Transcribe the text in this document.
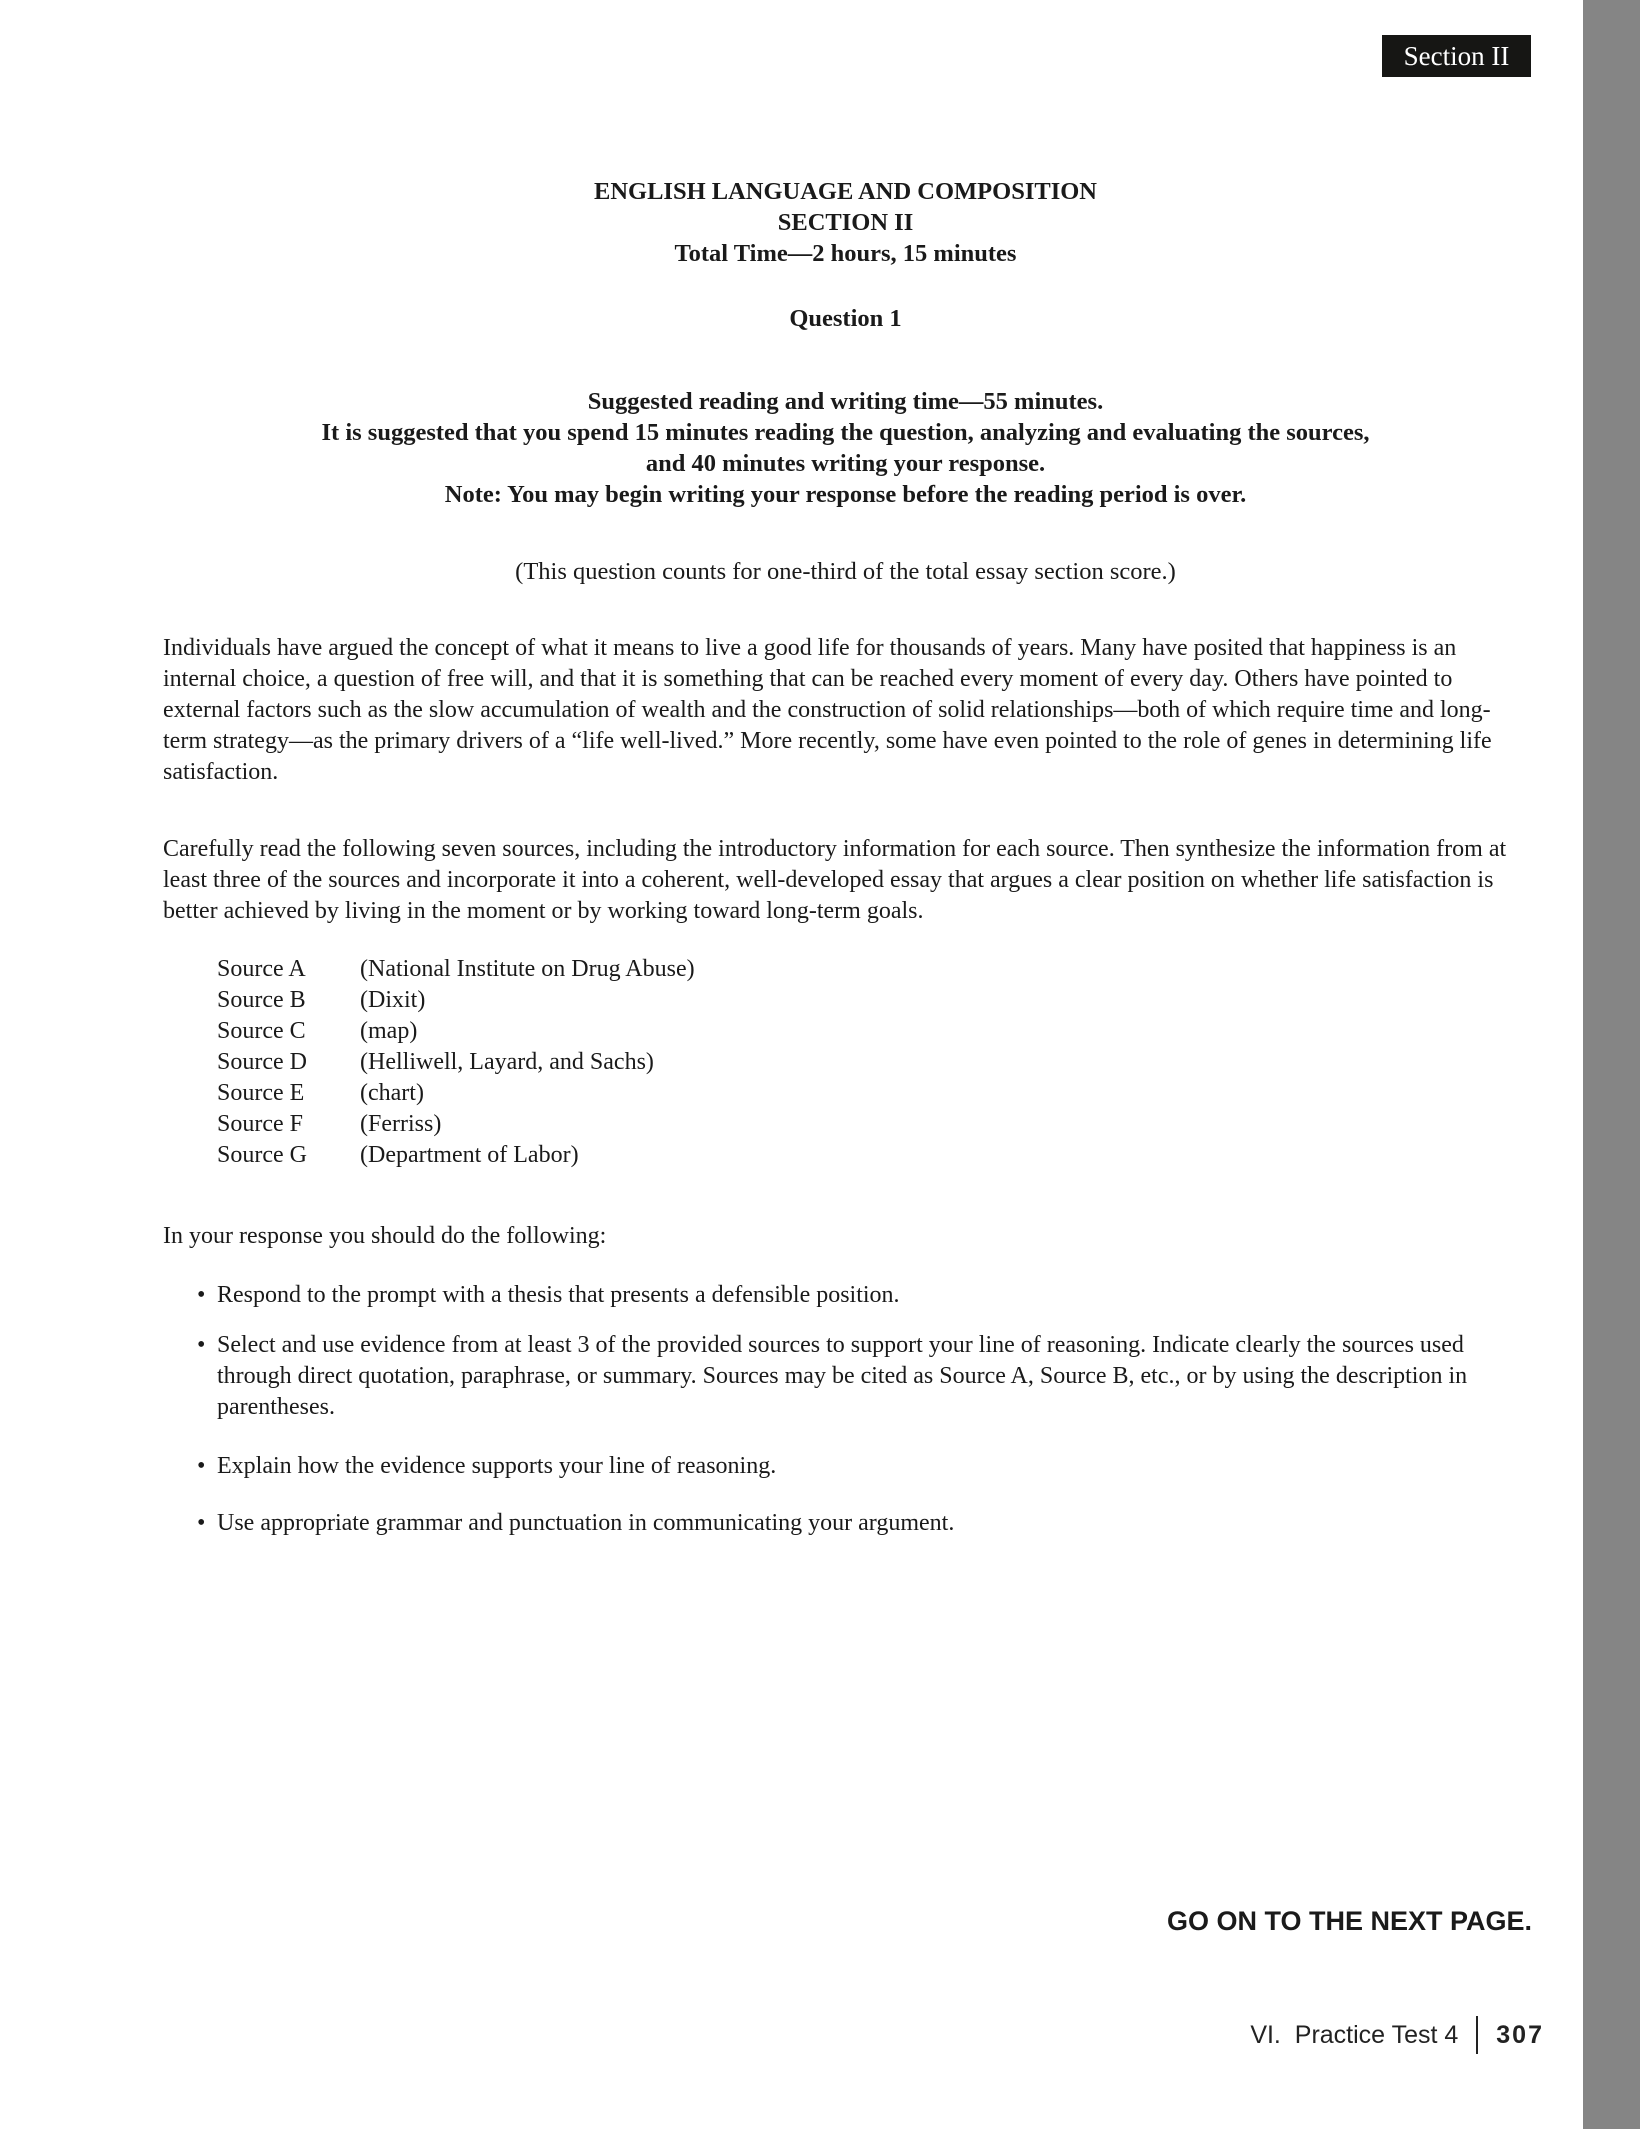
Section II
ENGLISH LANGUAGE AND COMPOSITION
SECTION II
Total Time—2 hours, 15 minutes
Question 1
Suggested reading and writing time—55 minutes.
It is suggested that you spend 15 minutes reading the question, analyzing and evaluating the sources,
and 40 minutes writing your response.
Note: You may begin writing your response before the reading period is over.
(This question counts for one-third of the total essay section score.)
Individuals have argued the concept of what it means to live a good life for thousands of years. Many have posited that happiness is an internal choice, a question of free will, and that it is something that can be reached every moment of every day. Others have pointed to external factors such as the slow accumulation of wealth and the construction of solid relationships—both of which require time and long-term strategy—as the primary drivers of a “life well-lived.” More recently, some have even pointed to the role of genes in determining life satisfaction.
Carefully read the following seven sources, including the introductory information for each source. Then synthesize the information from at least three of the sources and incorporate it into a coherent, well-developed essay that argues a clear position on whether life satisfaction is better achieved by living in the moment or by working toward long-term goals.
Source A	(National Institute on Drug Abuse)
Source B	(Dixit)
Source C	(map)
Source D	(Helliwell, Layard, and Sachs)
Source E	(chart)
Source F	(Ferriss)
Source G	(Department of Labor)
In your response you should do the following:
• Respond to the prompt with a thesis that presents a defensible position.
• Select and use evidence from at least 3 of the provided sources to support your line of reasoning. Indicate clearly the sources used through direct quotation, paraphrase, or summary. Sources may be cited as Source A, Source B, etc., or by using the description in parentheses.
• Explain how the evidence supports your line of reasoning.
• Use appropriate grammar and punctuation in communicating your argument.
GO ON TO THE NEXT PAGE.
VI.  Practice Test 4 307
